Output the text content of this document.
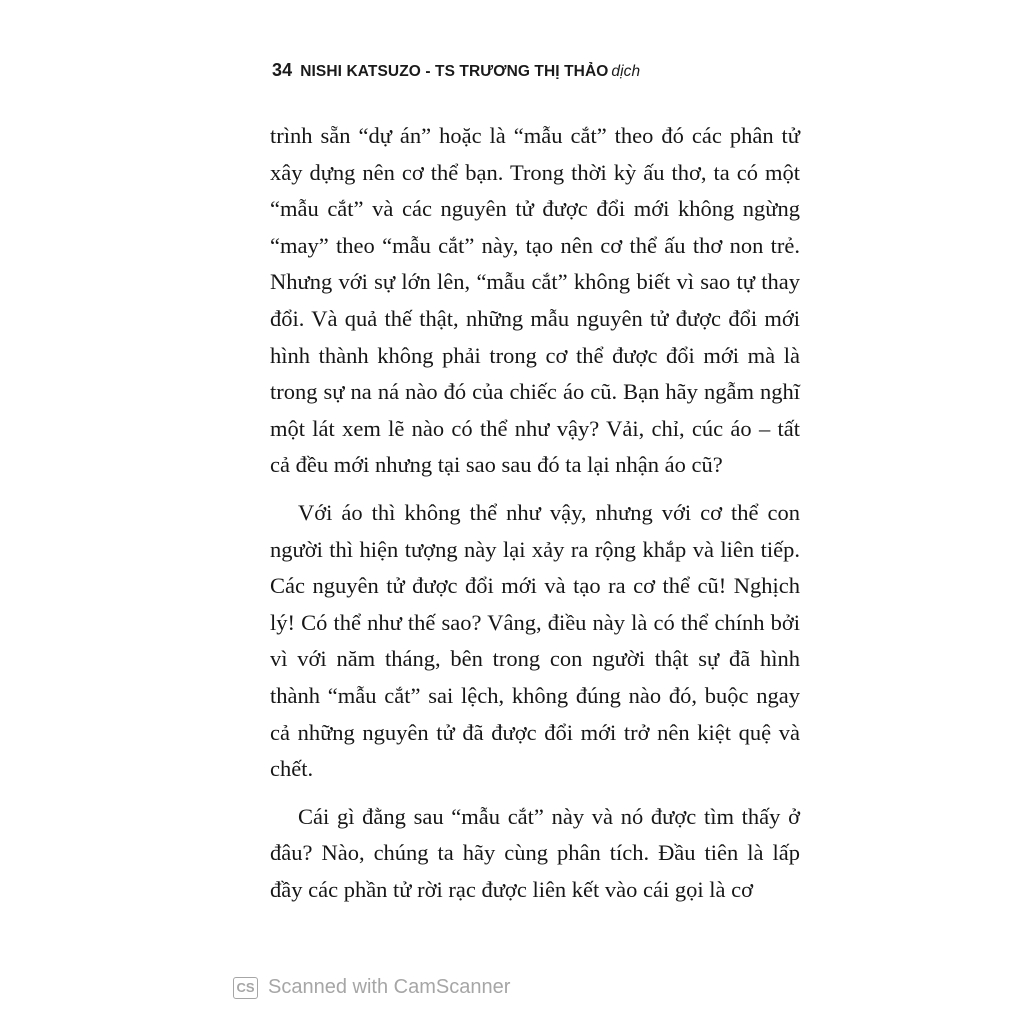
34 NISHI KATSUZO - TS TRƯƠNG THỊ THẢO dịch

trình sẵn “dự án” hoặc là “mẫu cắt” theo đó các phân tử xây dựng nên cơ thể bạn. Trong thời kỳ ấu thơ, ta có một “mẫu cắt” và các nguyên tử được đổi mới không ngừng “may” theo “mẫu cắt” này, tạo nên cơ thể ấu thơ non trẻ. Nhưng với sự lớn lên, “mẫu cắt” không biết vì sao tự thay đổi. Và quả thế thật, những mẫu nguyên tử được đổi mới hình thành không phải trong cơ thể được đổi mới mà là trong sự na ná nào đó của chiếc áo cũ. Bạn hãy ngẫm nghĩ một lát xem lẽ nào có thể như vậy? Vải, chỉ, cúc áo – tất cả đều mới nhưng tại sao sau đó ta lại nhận áo cũ?

Với áo thì không thể như vậy, nhưng với cơ thể con người thì hiện tượng này lại xảy ra rộng khắp và liên tiếp. Các nguyên tử được đổi mới và tạo ra cơ thể cũ! Nghịch lý! Có thể như thế sao? Vâng, điều này là có thể chính bởi vì với năm tháng, bên trong con người thật sự đã hình thành “mẫu cắt” sai lệch, không đúng nào đó, buộc ngay cả những nguyên tử đã được đổi mới trở nên kiệt quệ và chết.

Cái gì đằng sau “mẫu cắt” này và nó được tìm thấy ở đâu? Nào, chúng ta hãy cùng phân tích. Đầu tiên là lấp đầy các phần tử rời rạc được liên kết vào cái gọi là cơ

CS Scanned with CamScanner
